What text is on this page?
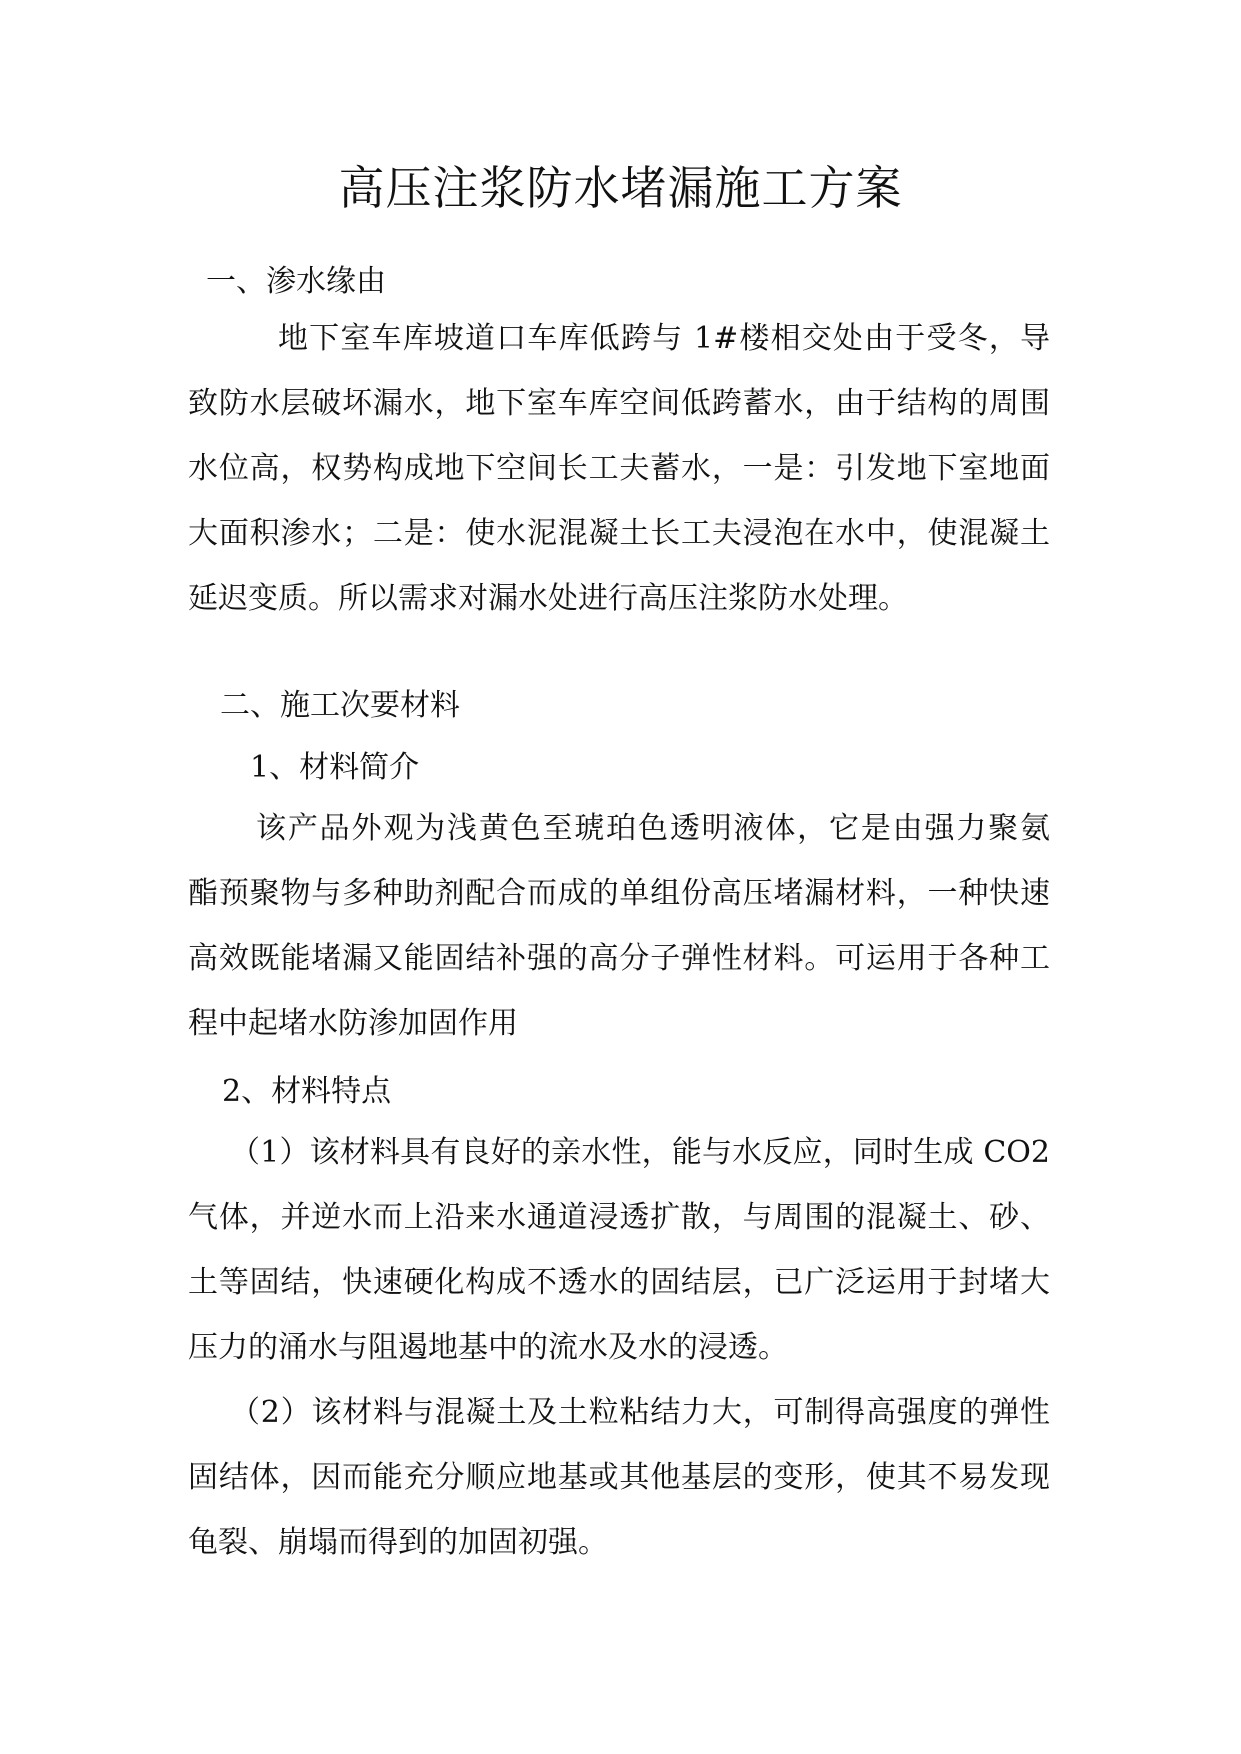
高压注浆防水堵漏施工方案
一、渗水缘由
地下室车库坡道口车库低跨与 1#楼相交处由于受冬，导
致防水层破坏漏水，地下室车库空间低跨蓄水，由于结构的周围
水位高，权势构成地下空间长工夫蓄水，一是：引发地下室地面
大面积渗水；二是：使水泥混凝土长工夫浸泡在水中，使混凝土
延迟变质。所以需求对漏水处进行高压注浆防水处理。
二、施工次要材料
1、材料简介
该产品外观为浅黄色至琥珀色透明液体，它是由强力聚氨
酯预聚物与多种助剂配合而成的单组份高压堵漏材料，一种快速
高效既能堵漏又能固结补强的高分子弹性材料。可运用于各种工
程中起堵水防渗加固作用
2、材料特点
（1）该材料具有良好的亲水性，能与水反应，同时生成 CO2
气体，并逆水而上沿来水通道浸透扩散，与周围的混凝土、砂、
土等固结，快速硬化构成不透水的固结层，已广泛运用于封堵大
压力的涌水与阻遏地基中的流水及水的浸透。
（2）该材料与混凝土及土粒粘结力大，可制得高强度的弹性
固结体，因而能充分顺应地基或其他基层的变形，使其不易发现
龟裂、崩塌而得到的加固初强。
